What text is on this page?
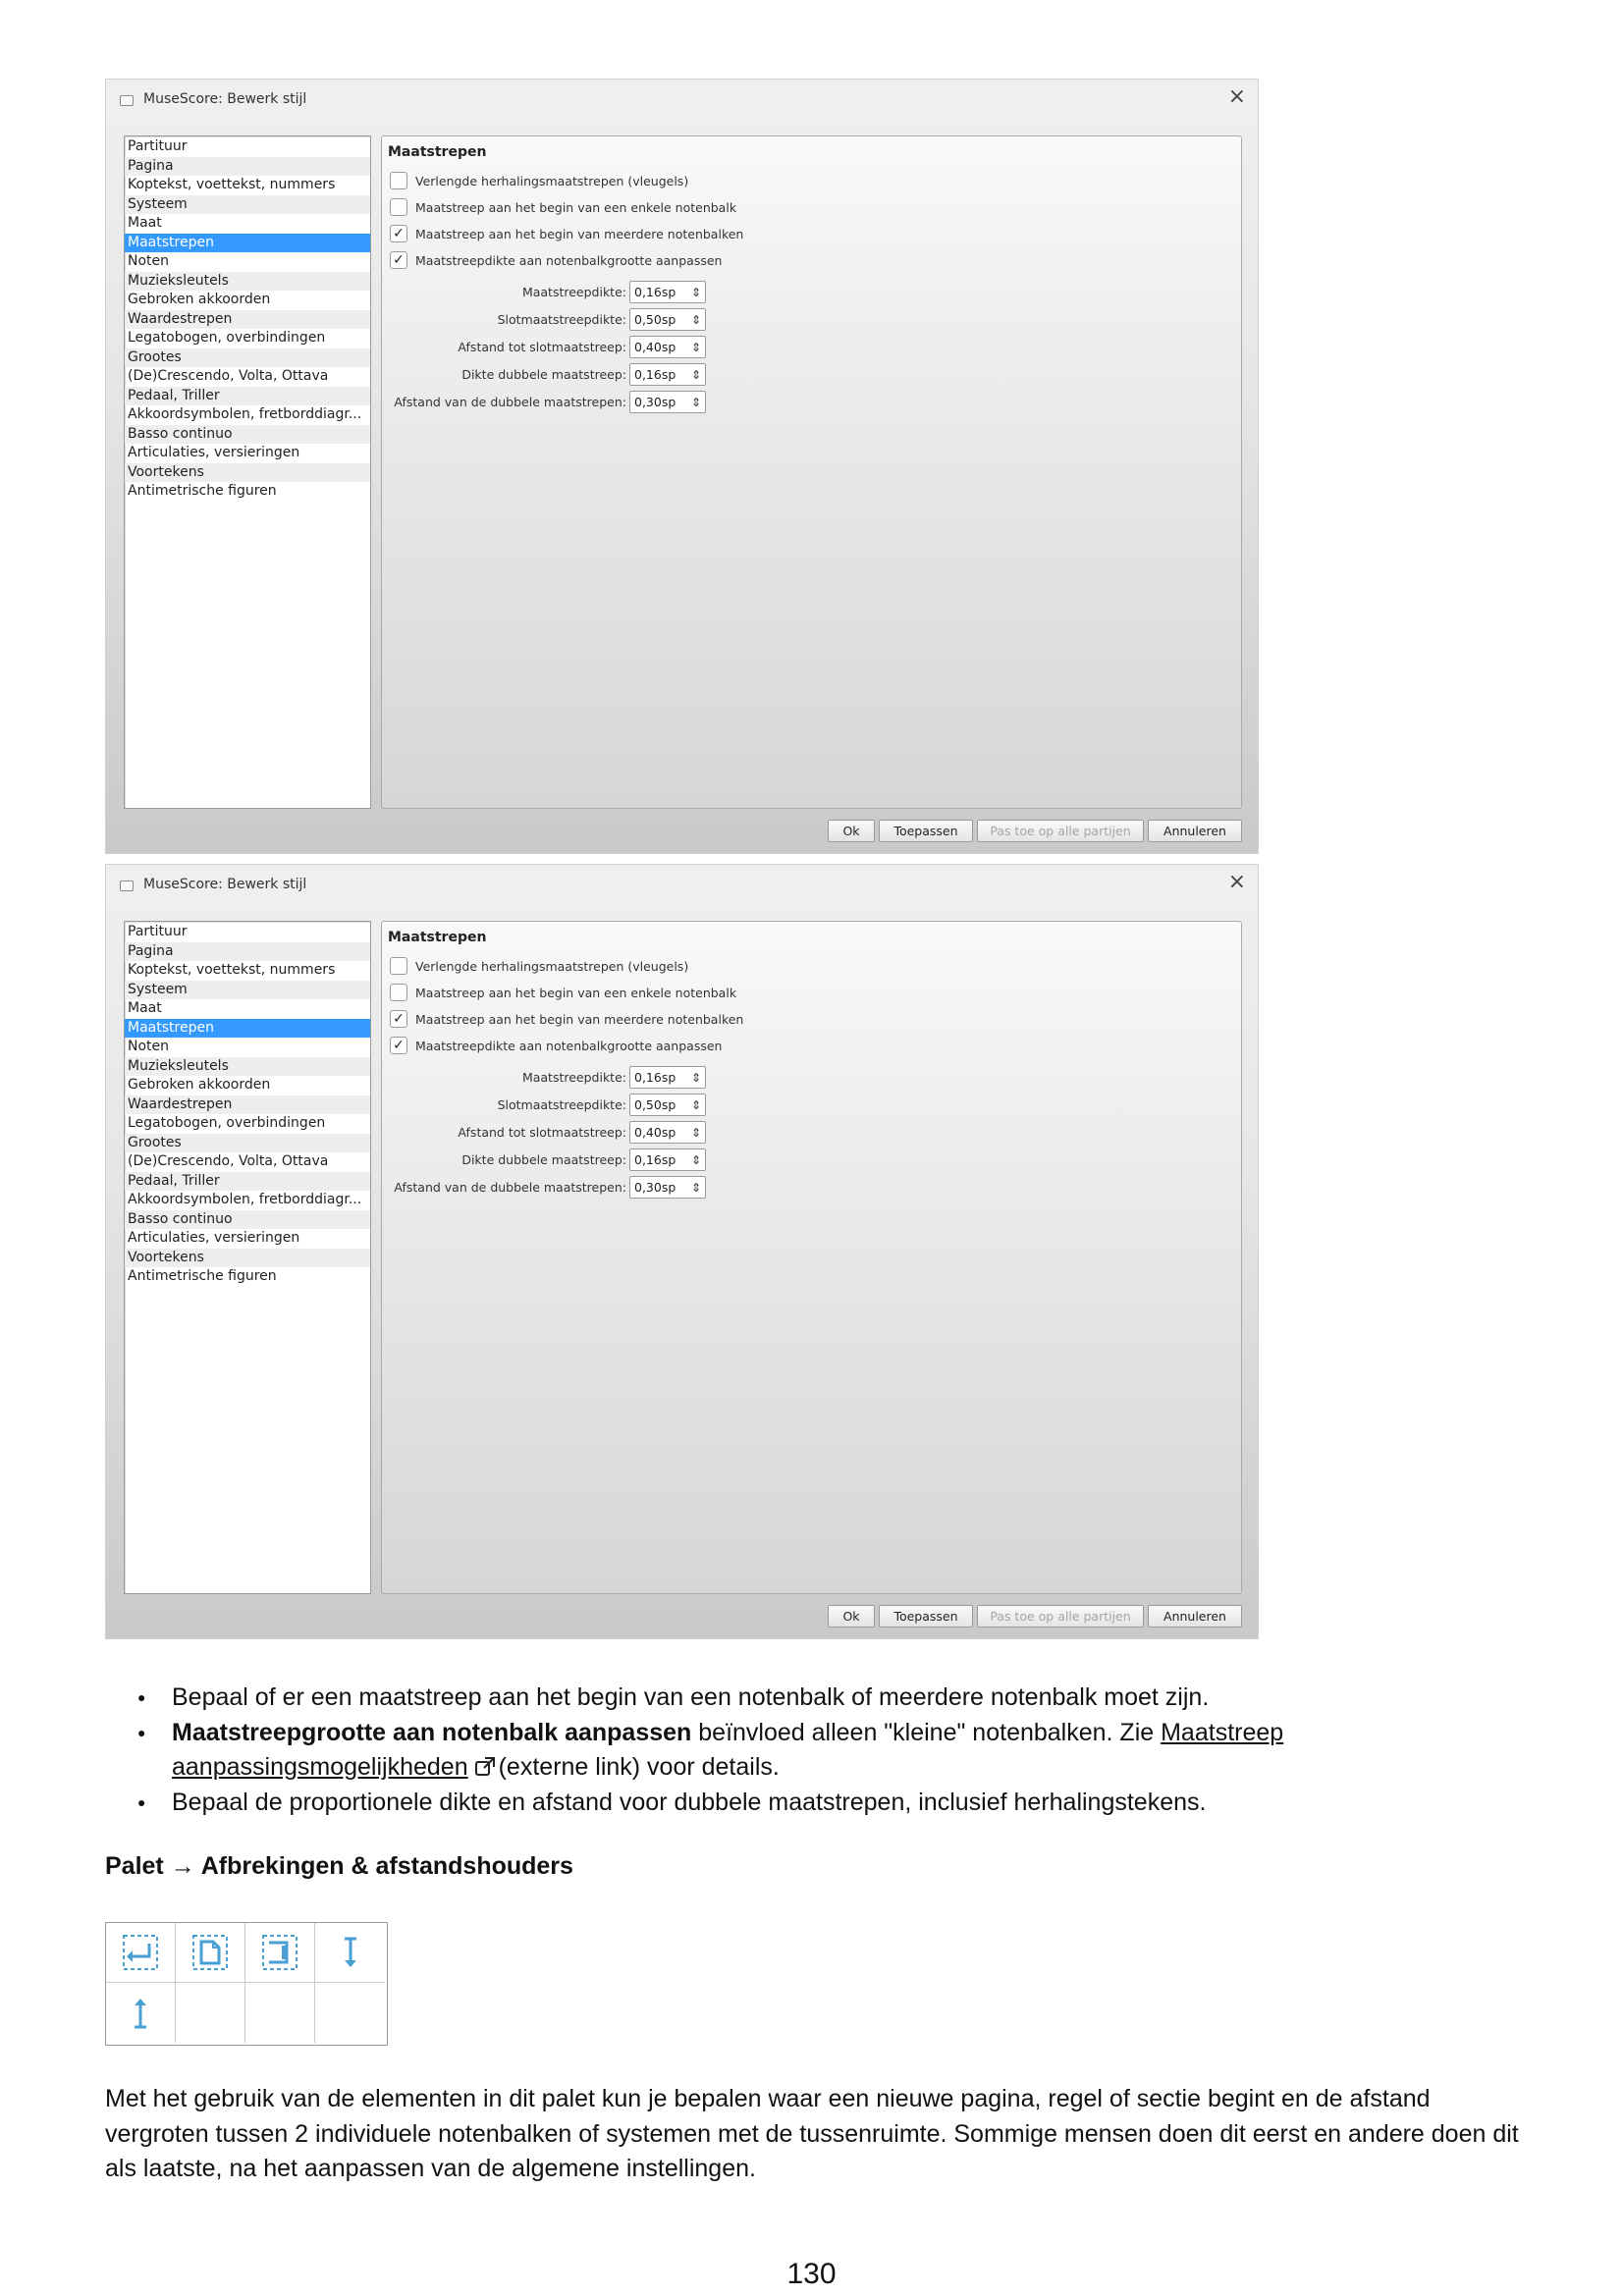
MuseScore: Bewerk stijl	×
Partituur
Pagina
Koptekst, voettekst, nummers
Systeem
Maat
Maatstrepen
Noten
Muzieksleutels
Gebroken akkoorden
Waardestrepen
Legatobogen, overbindingen
Grootes
(De)Crescendo, Volta, Ottava
Pedaal, Triller
Akkoordsymbolen, fretborddiagr...
Basso continuo
Articulaties, versieringen
Voortekens
Antimetrische figuren
Maatstrepen
Verlengde herhalingsmaatstrepen (vleugels)
Maatstreep aan het begin van een enkele notenbalk
✓ Maatstreep aan het begin van meerdere notenbalken
✓ Maatstreepdikte aan notenbalkgrootte aanpassen
Maatstreepdikte: 0,16sp ⇕
Slotmaatstreepdikte: 0,50sp ⇕
Afstand tot slotmaatstreep: 0,40sp ⇕
Dikte dubbele maatstreep: 0,16sp ⇕
Afstand van de dubbele maatstrepen: 0,30sp ⇕
Ok	Toepassen	Pas toe op alle partijen	Annuleren
MuseScore: Bewerk stijl	×
Partituur
Pagina
Koptekst, voettekst, nummers
Systeem
Maat
Maatstrepen
Noten
Muzieksleutels
Gebroken akkoorden
Waardestrepen
Legatobogen, overbindingen
Grootes
(De)Crescendo, Volta, Ottava
Pedaal, Triller
Akkoordsymbolen, fretborddiagr...
Basso continuo
Articulaties, versieringen
Voortekens
Antimetrische figuren
Maatstrepen
Verlengde herhalingsmaatstrepen (vleugels)
Maatstreep aan het begin van een enkele notenbalk
✓ Maatstreep aan het begin van meerdere notenbalken
✓ Maatstreepdikte aan notenbalkgrootte aanpassen
Maatstreepdikte: 0,16sp ⇕
Slotmaatstreepdikte: 0,50sp ⇕
Afstand tot slotmaatstreep: 0,40sp ⇕
Dikte dubbele maatstreep: 0,16sp ⇕
Afstand van de dubbele maatstrepen: 0,30sp ⇕
Ok	Toepassen	Pas toe op alle partijen	Annuleren
● Bepaal of er een maatstreep aan het begin van een notenbalk of meerdere notenbalk moet zijn.
● Maatstreepgrootte aan notenbalk aanpassen beïnvloed alleen "kleine" notenbalken. Zie Maatstreep aanpassingsmogelijkheden (externe link) voor details.
● Bepaal de proportionele dikte en afstand voor dubbele maatstrepen, inclusief herhalingstekens.
Palet → Afbrekingen & afstandshouders

Met het gebruik van de elementen in dit palet kun je bepalen waar een nieuwe pagina, regel of sectie begint en de afstand vergroten tussen 2 individuele notenbalken of systemen met de tussenruimte. Sommige mensen doen dit eerst en andere doen dit als laatste, na het aanpassen van de algemene instellingen.

130
